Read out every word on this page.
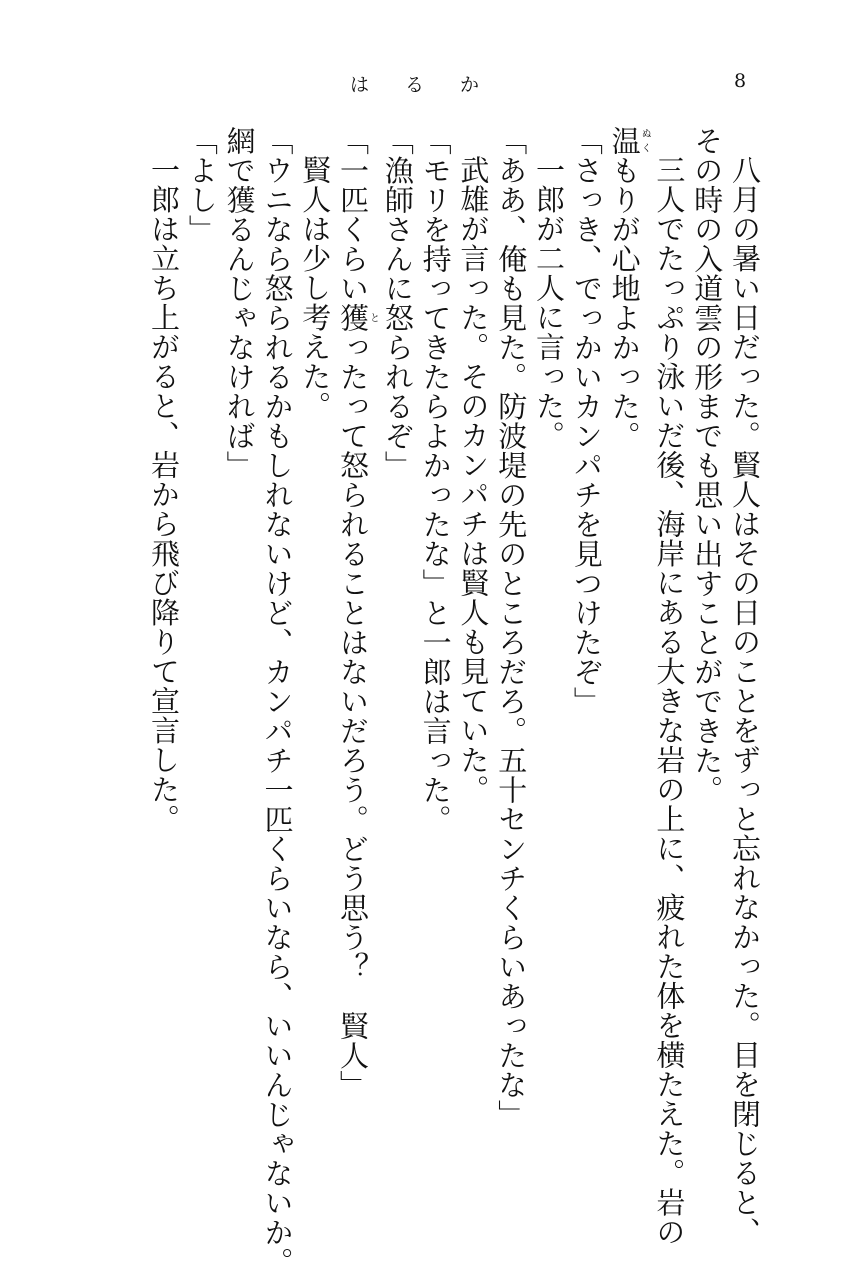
はるか	8
八月の暑い日だった。賢人はその日のことをずっと忘れなかった。目を閉じると、
その時の入道雲の形までも思い出すことができた。
三人でたっぷり泳いだ後、海岸にある大きな岩の上に、疲れた体を横たえた。岩の
温ぬくもりが心地よかった。
「さっき、でっかいカンパチを見つけたぞ」
一郎が二人に言った。
「ああ、俺も見た。防波堤の先のところだろ。五十センチくらいあったな」
武雄が言った。そのカンパチは賢人も見ていた。
「モリを持ってきたらよかったな」と一郎は言った。
「漁師さんに怒られるぞ」
「一匹くらい獲とったって怒られることはないだろう。どう思う？　賢人」
賢人は少し考えた。
「ウニなら怒られるかもしれないけど、カンパチ一匹くらいなら、いいんじゃないか。
網で獲るんじゃなければ」
「よし」
一郎は立ち上がると、岩から飛び降りて宣言した。
